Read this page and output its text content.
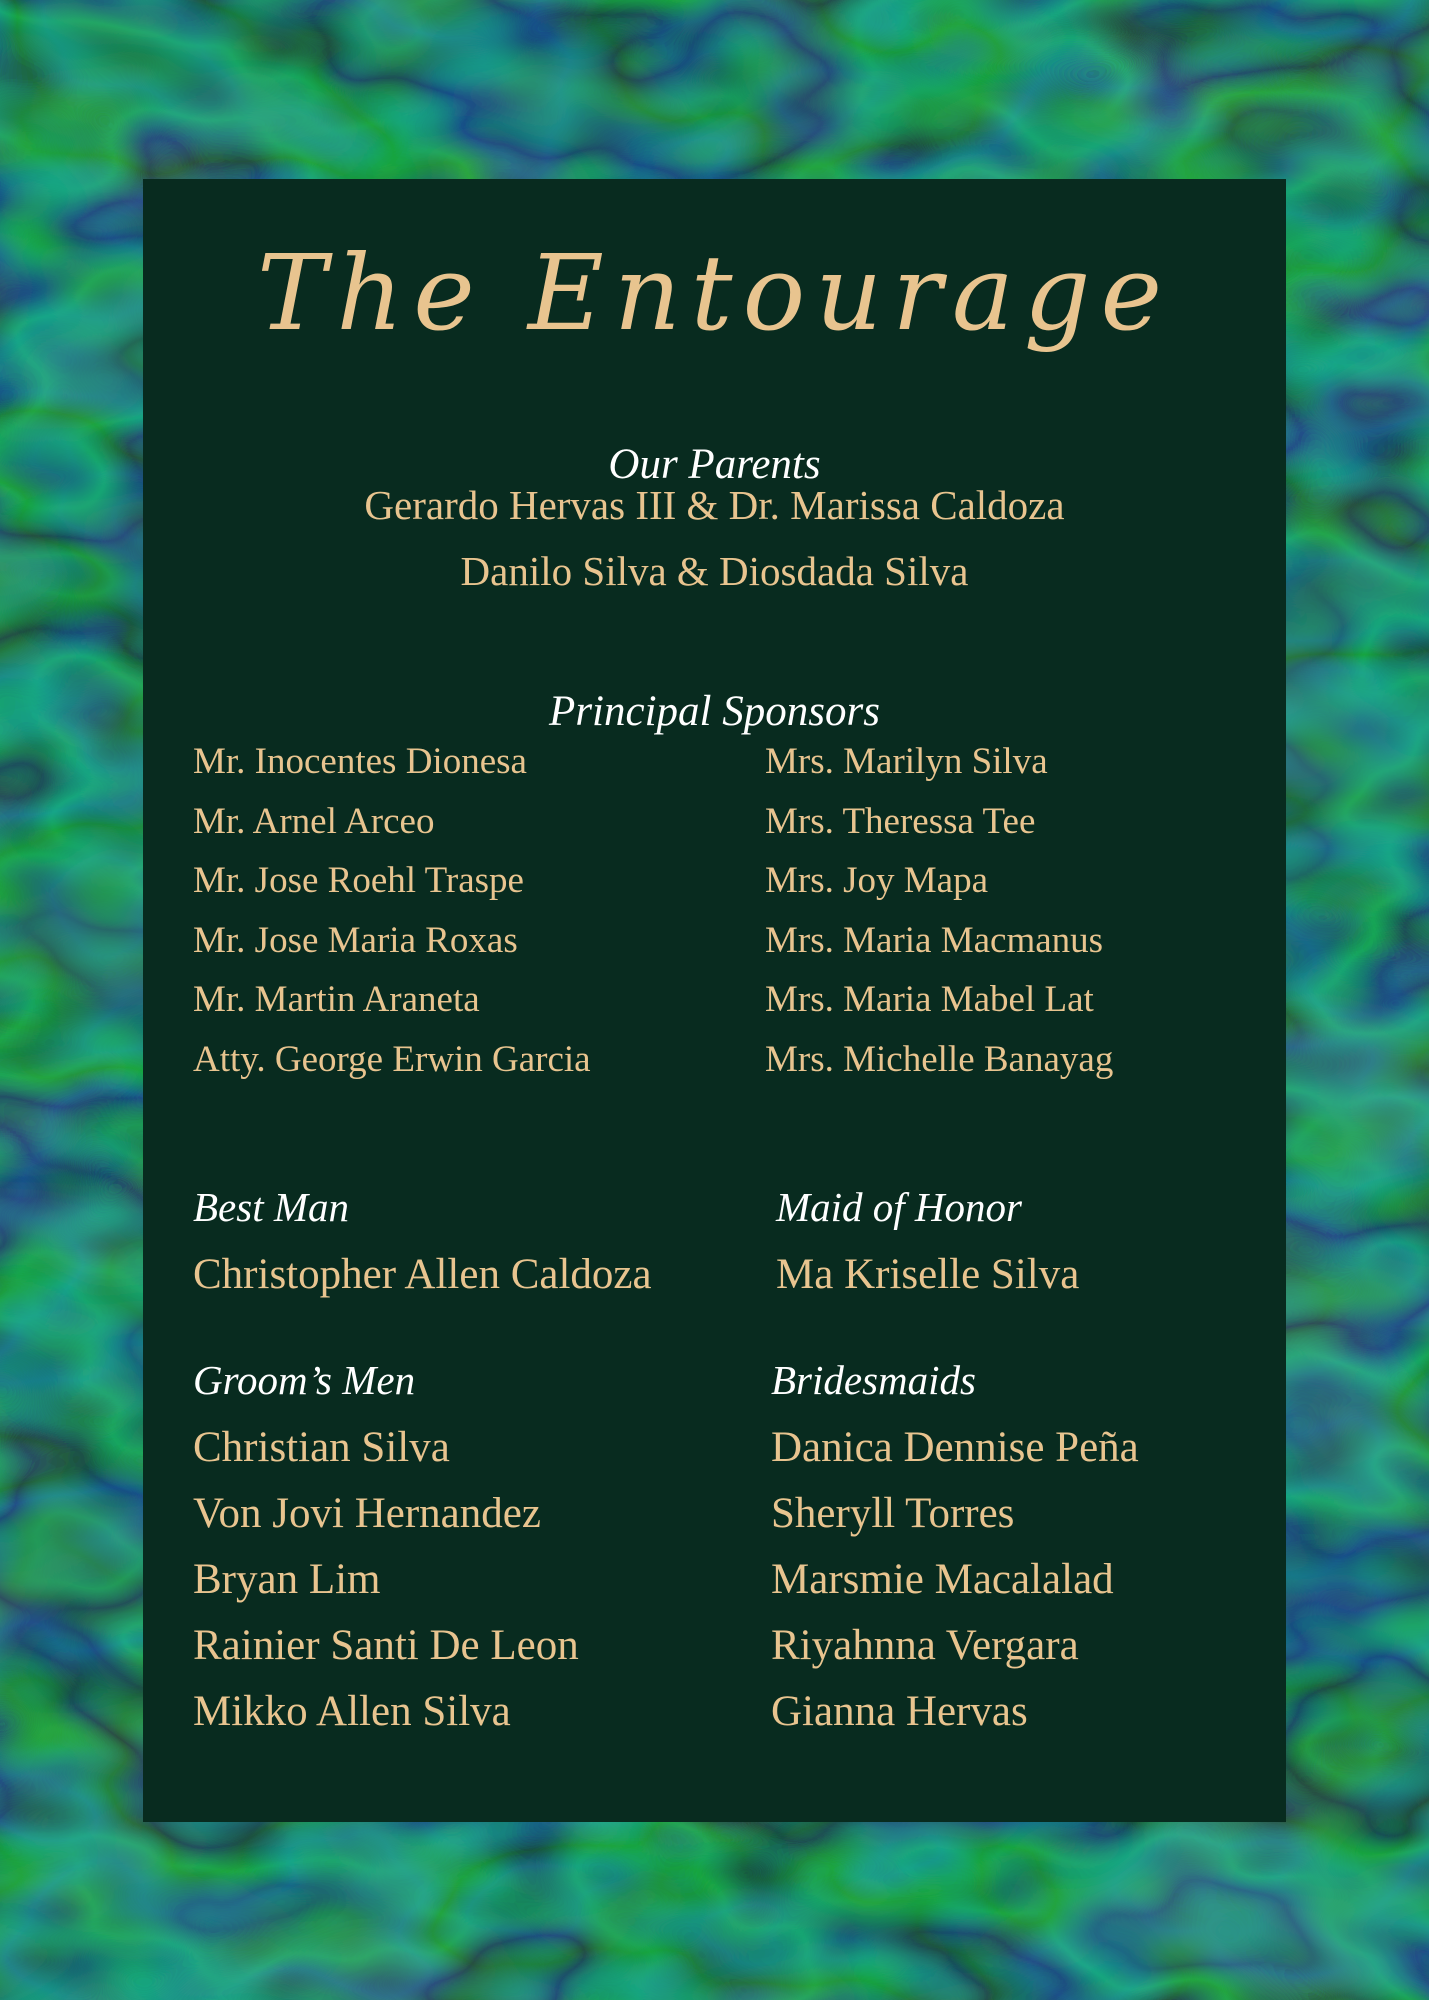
The Entourage
Our Parents
Gerardo Hervas III & Dr. Marissa Caldoza
Danilo Silva & Diosdada Silva
Principal Sponsors
Mr. Inocentes Dionesa
Mr. Arnel Arceo
Mr. Jose Roehl Traspe
Mr. Jose Maria Roxas
Mr. Martin Araneta
Atty. George Erwin Garcia
Mrs. Marilyn Silva
Mrs. Theressa Tee
Mrs. Joy Mapa
Mrs. Maria Macmanus
Mrs. Maria Mabel Lat
Mrs. Michelle Banayag
Best Man
Christopher Allen Caldoza
Maid of Honor
Ma Kriselle Silva
Groom’s Men
Christian Silva
Von Jovi Hernandez
Bryan Lim
Rainier Santi De Leon
Mikko Allen Silva
Bridesmaids
Danica Dennise Peña
Sheryll Torres
Marsmie Macalalad
Riyahnna Vergara
Gianna Hervas
